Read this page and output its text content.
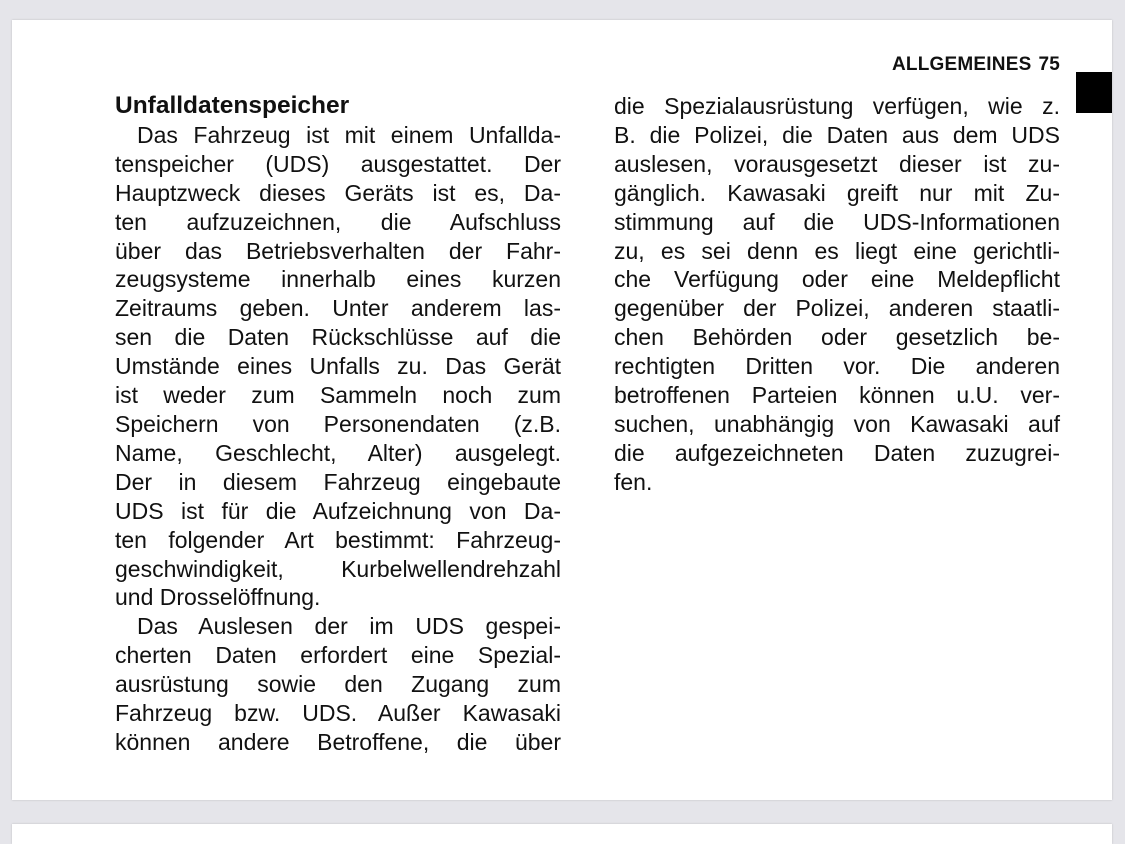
ALLGEMEINES 75
Unfalldatenspeicher
Das Fahrzeug ist mit einem Unfallda-
tenspeicher (UDS) ausgestattet. Der
Hauptzweck dieses Geräts ist es, Da-
ten aufzuzeichnen, die Aufschluss
über das Betriebsverhalten der Fahr-
zeugsysteme innerhalb eines kurzen
Zeitraums geben. Unter anderem las-
sen die Daten Rückschlüsse auf die
Umstände eines Unfalls zu. Das Gerät
ist weder zum Sammeln noch zum
Speichern von Personendaten (z.B.
Name, Geschlecht, Alter) ausgelegt.
Der in diesem Fahrzeug eingebaute
UDS ist für die Aufzeichnung von Da-
ten folgender Art bestimmt: Fahrzeug-
geschwindigkeit, Kurbelwellendrehzahl
und Drosselöffnung.
Das Auslesen der im UDS gespei-
cherten Daten erfordert eine Spezial-
ausrüstung sowie den Zugang zum
Fahrzeug bzw. UDS. Außer Kawasaki
können andere Betroffene, die über
die Spezialausrüstung verfügen, wie z.
B. die Polizei, die Daten aus dem UDS
auslesen, vorausgesetzt dieser ist zu-
gänglich. Kawasaki greift nur mit Zu-
stimmung auf die UDS-Informationen
zu, es sei denn es liegt eine gerichtli-
che Verfügung oder eine Meldepflicht
gegenüber der Polizei, anderen staatli-
chen Behörden oder gesetzlich be-
rechtigten Dritten vor. Die anderen
betroffenen Parteien können u.U. ver-
suchen, unabhängig von Kawasaki auf
die aufgezeichneten Daten zuzugrei-
fen.
